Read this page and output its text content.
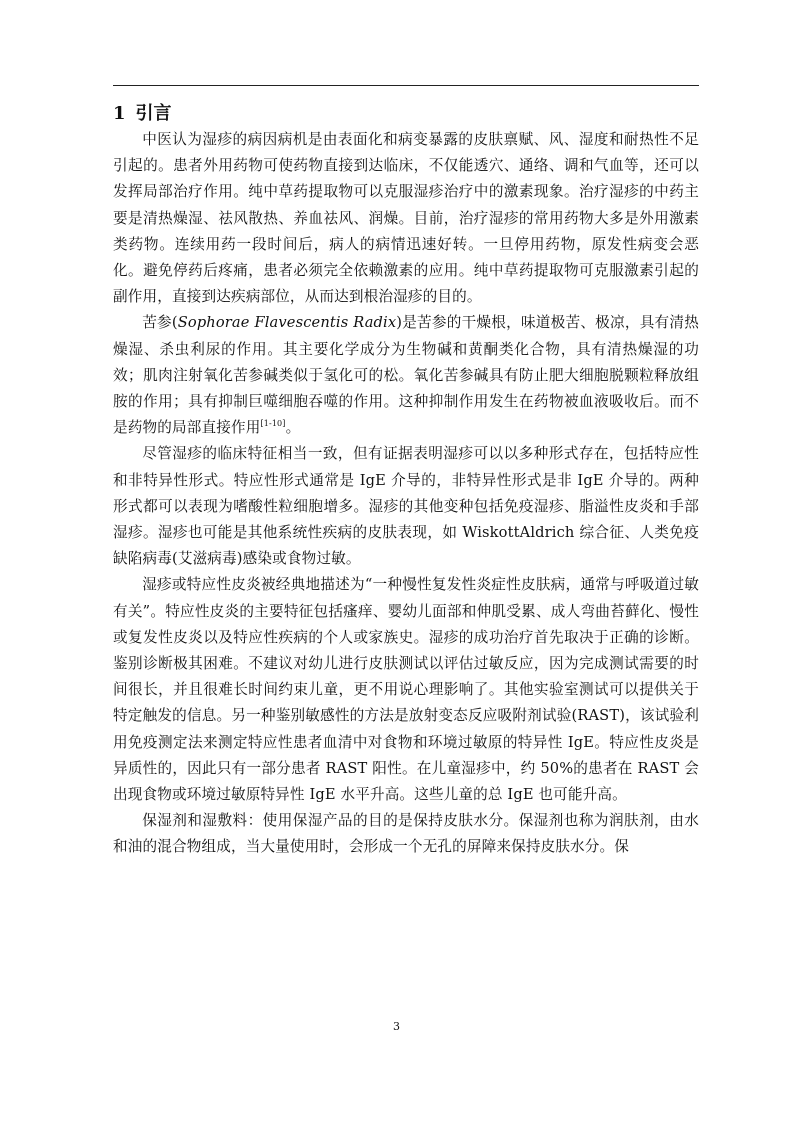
1 引言

中医认为湿疹的病因病机是由表面化和病变暴露的皮肤禀赋、风、湿度和耐热性不足引起的。患者外用药物可使药物直接到达临床，不仅能透穴、通络、调和气血等，还可以发挥局部治疗作用。纯中草药提取物可以克服湿疹治疗中的激素现象。治疗湿疹的中药主要是清热燥湿、祛风散热、养血祛风、润燥。目前，治疗湿疹的常用药物大多是外用激素类药物。连续用药一段时间后，病人的病情迅速好转。一旦停用药物，原发性病变会恶化。避免停药后疼痛，患者必须完全依赖激素的应用。纯中草药提取物可克服激素引起的副作用，直接到达疾病部位，从而达到根治湿疹的目的。

苦参(Sophorae Flavescentis Radix)是苦参的干燥根，味道极苦、极凉，具有清热燥湿、杀虫利尿的作用。其主要化学成分为生物碱和黄酮类化合物，具有清热燥湿的功效；肌肉注射氧化苦参碱类似于氢化可的松。氧化苦参碱具有防止肥大细胞脱颗粒释放组胺的作用；具有抑制巨噬细胞吞噬的作用。这种抑制作用发生在药物被血液吸收后。而不是药物的局部直接作用[1-10]。

尽管湿疹的临床特征相当一致，但有证据表明湿疹可以以多种形式存在，包括特应性和非特异性形式。特应性形式通常是 IgE 介导的，非特异性形式是非 IgE 介导的。两种形式都可以表现为嗜酸性粒细胞增多。湿疹的其他变种包括免疫湿疹、脂溢性皮炎和手部湿疹。湿疹也可能是其他系统性疾病的皮肤表现，如 WiskottAldrich 综合征、人类免疫缺陷病毒(艾滋病毒)感染或食物过敏。

湿疹或特应性皮炎被经典地描述为“一种慢性复发性炎症性皮肤病，通常与呼吸道过敏有关”。特应性皮炎的主要特征包括瘙痒、婴幼儿面部和伸肌受累、成人弯曲苔藓化、慢性或复发性皮炎以及特应性疾病的个人或家族史。湿疹的成功治疗首先取决于正确的诊断。鉴别诊断极其困难。不建议对幼儿进行皮肤测试以评估过敏反应，因为完成测试需要的时间很长，并且很难长时间约束儿童，更不用说心理影响了。其他实验室测试可以提供关于特定触发的信息。另一种鉴别敏感性的方法是放射变态反应吸附剂试验(RAST)，该试验利用免疫测定法来测定特应性患者血清中对食物和环境过敏原的特异性 IgE。特应性皮炎是异质性的，因此只有一部分患者 RAST 阳性。在儿童湿疹中，约 50%的患者在 RAST 会出现食物或环境过敏原特异性 IgE 水平升高。这些儿童的总 IgE 也可能升高。

保湿剂和湿敷料：使用保湿产品的目的是保持皮肤水分。保湿剂也称为润肤剂，由水和油的混合物组成，当大量使用时，会形成一个无孔的屏障来保持皮肤水分。保

3
